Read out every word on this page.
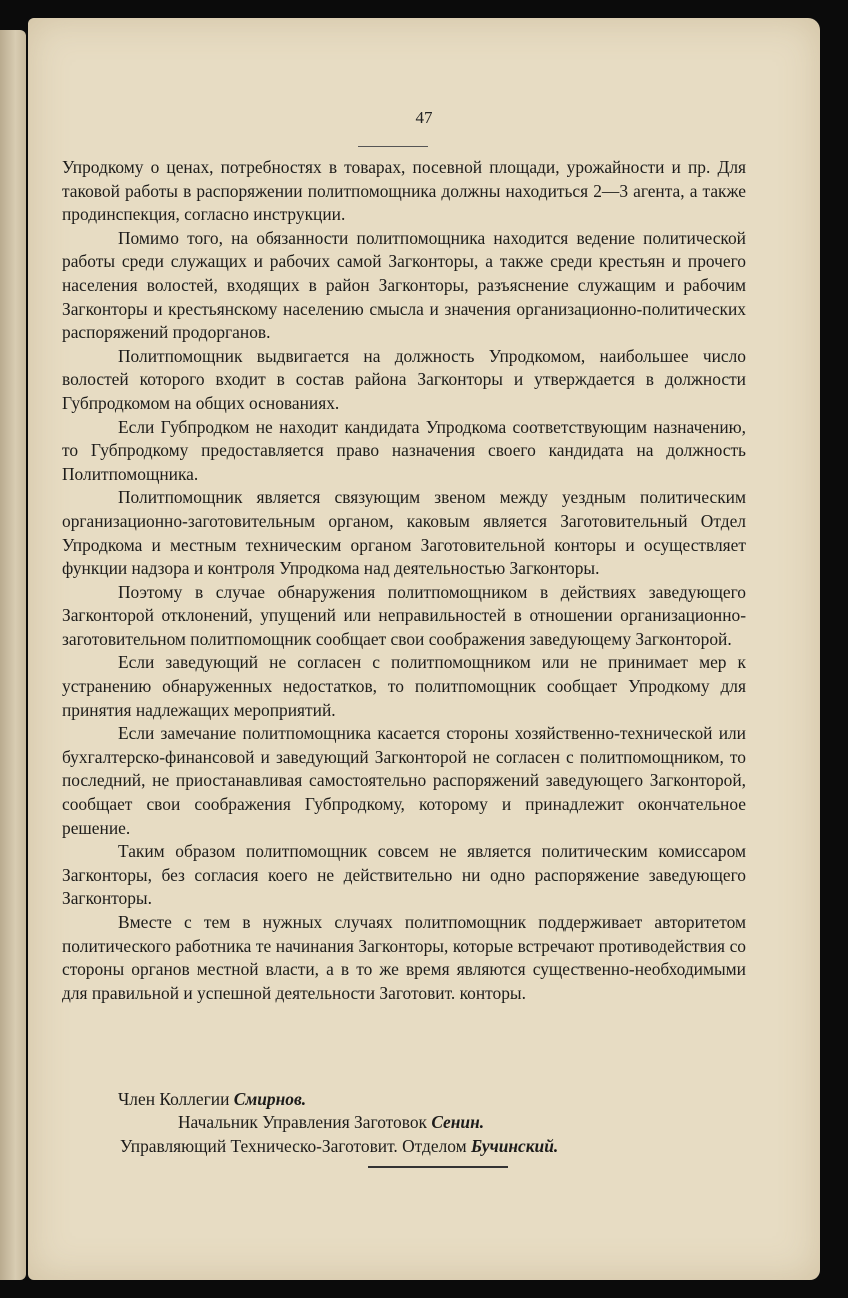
47

Упродкому о ценах, потребностях в товарах, посевной площади, урожайности и пр. Для таковой работы в распоряжении политпомощника должны находиться 2—3 агента, а также продинспекция, согласно инструкции.

Помимо того, на обязанности политпомощника находится ведение политической работы среди служащих и рабочих самой Загконторы, а также среди крестьян и прочего населения волостей, входящих в район Загконторы, разъяснение служащим и рабочим Загконторы и крестьянскому населению смысла и значения организационно-политических распоряжений продорганов.

Политпомощник выдвигается на должность Упродкомом, наибольшее число волостей которого входит в состав района Загконторы и утверждается в должности Губпродкомом на общих основаниях.

Если Губпродком не находит кандидата Упродкома соответствующим назначению, то Губпродкому предоставляется право назначения своего кандидата на должность Политпомощника.

Политпомощник является связующим звеном между уездным политическим организационно-заготовительным органом, каковым является Заготовительный Отдел Упродкома и местным техническим органом Заготовительной конторы и осуществляет функции надзора и контроля Упродкома над деятельностью Загконторы.

Поэтому в случае обнаружения политпомощником в действиях заведующего Загконторой отклонений, упущений или неправильностей в отношении организационно-заготовительном политпомощник сообщает свои соображения заведующему Загконторой.

Если заведующий не согласен с политпомощником или не принимает мер к устранению обнаруженных недостатков, то политпомощник сообщает Упродкому для принятия надлежащих мероприятий.

Если замечание политпомощника касается стороны хозяйственно-технической или бухгалтерско-финансовой и заведующий Загконторой не согласен с политпомощником, то последний, не приостанавливая самостоятельно распоряжений заведующего Загконторой, сообщает свои соображения Губпродкому, которому и принадлежит окончательное решение.

Таким образом политпомощник совсем не является политическим комиссаром Загконторы, без согласия коего не действительно ни одно распоряжение заведующего Загконторы.

Вместе с тем в нужных случаях политпомощник поддерживает авторитетом политического работника те начинания Загконторы, которые встречают противодействия со стороны органов местной власти, а в то же время являются существенно-необходимыми для правильной и успешной деятельности Заготовит. конторы.

Член Коллегии Смирнов.
Начальник Управления Заготовок Сенин.
Управляющий Техническо-Заготовит. Отделом Бучинский.
